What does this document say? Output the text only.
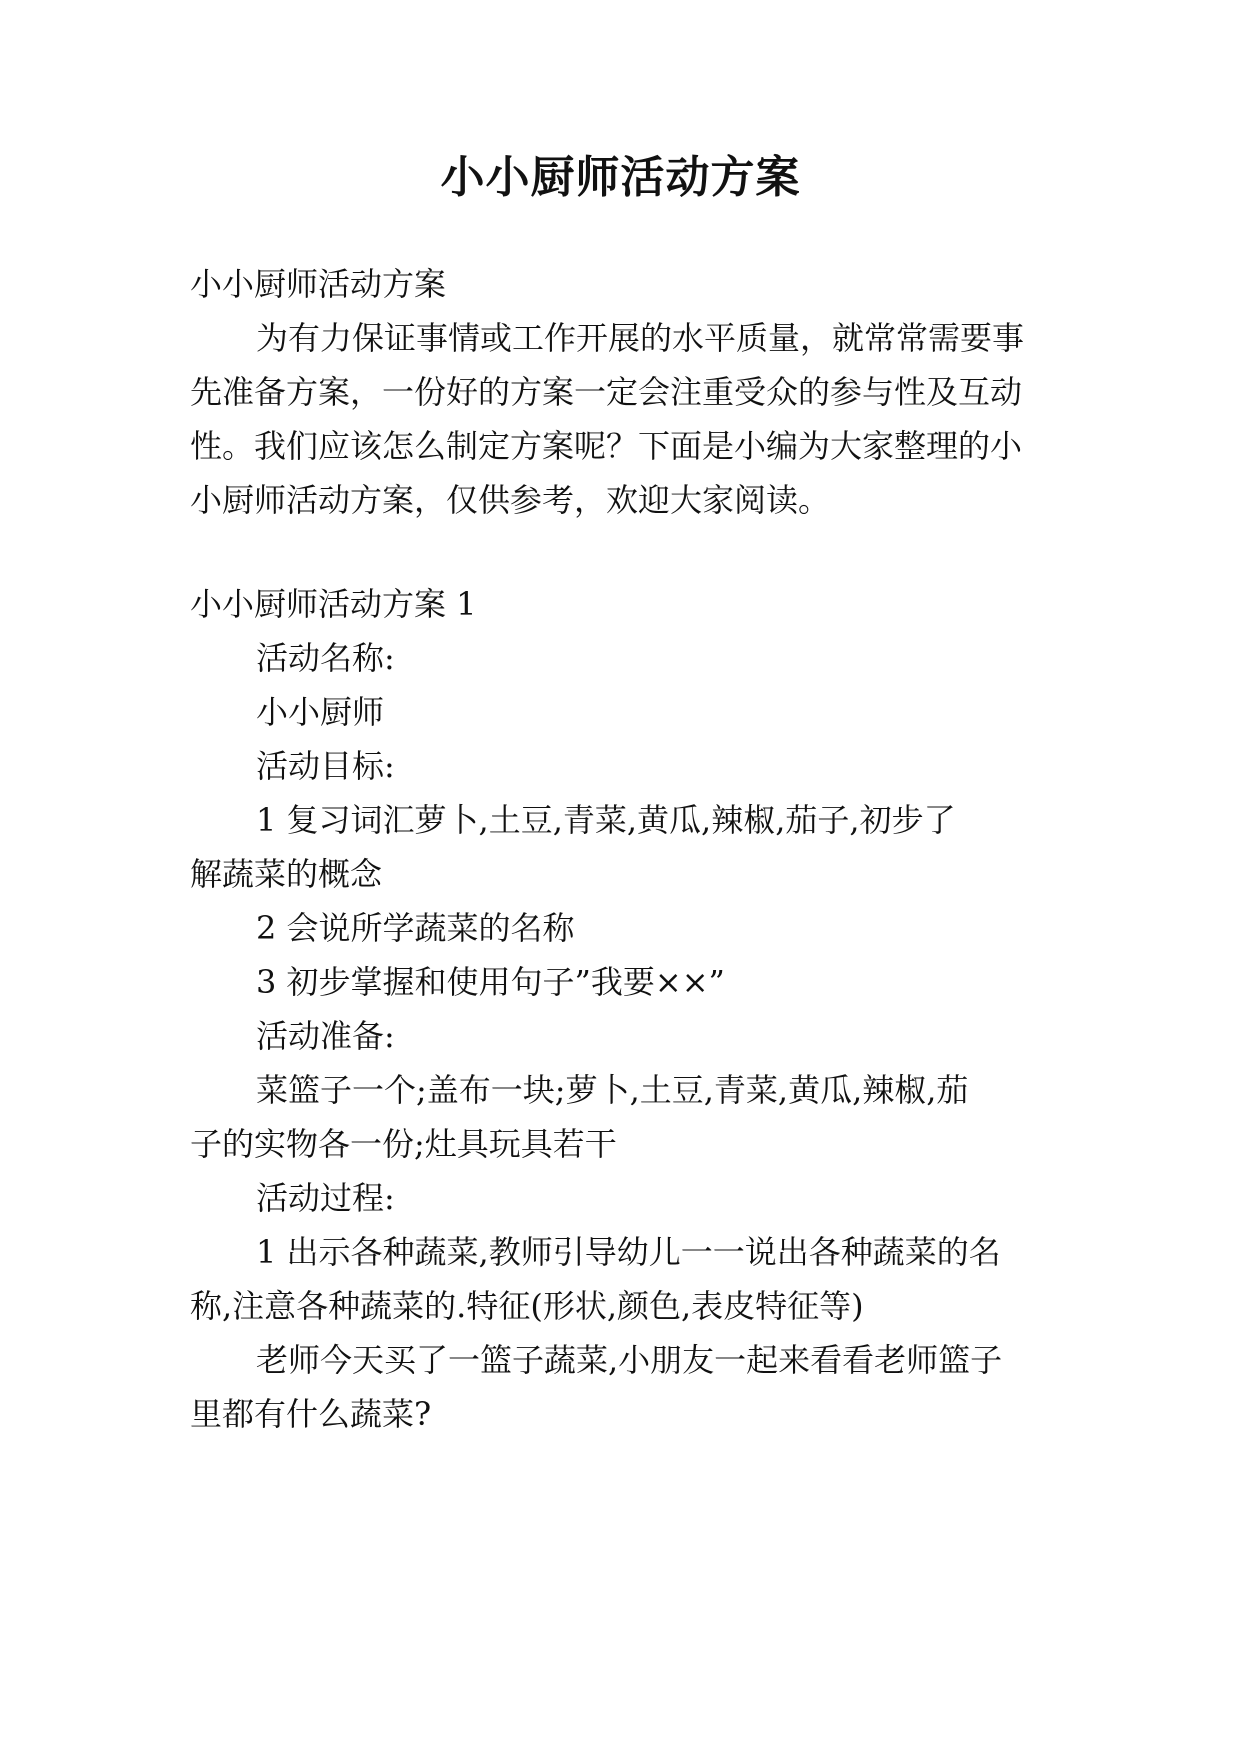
小小厨师活动方案
小小厨师活动方案
为有力保证事情或工作开展的水平质量，就常常需要事
先准备方案，一份好的方案一定会注重受众的参与性及互动
性。我们应该怎么制定方案呢？下面是小编为大家整理的小
小厨师活动方案，仅供参考，欢迎大家阅读。
小小厨师活动方案 1
活动名称:
小小厨师
活动目标:
1 复习词汇萝卜,土豆,青菜,黄瓜,辣椒,茄子,初步了
解蔬菜的概念
2 会说所学蔬菜的名称
3 初步掌握和使用句子”我要××”
活动准备:
菜篮子一个;盖布一块;萝卜,土豆,青菜,黄瓜,辣椒,茄
子的实物各一份;灶具玩具若干
活动过程:
1 出示各种蔬菜,教师引导幼儿一一说出各种蔬菜的名
称,注意各种蔬菜的.特征(形状,颜色,表皮特征等)
老师今天买了一篮子蔬菜,小朋友一起来看看老师篮子
里都有什么蔬菜?
